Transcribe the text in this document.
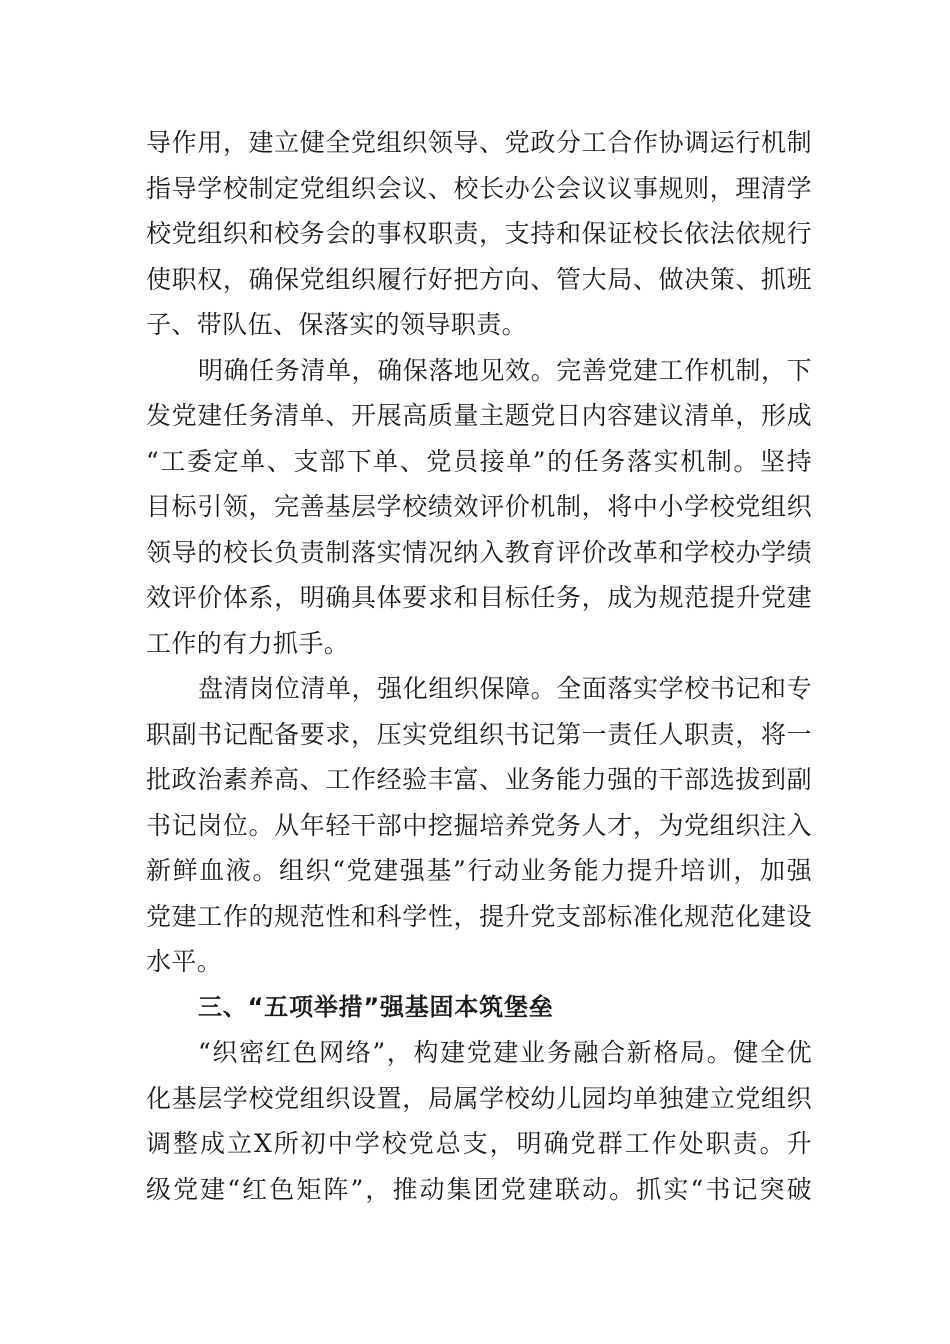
导作用，建立健全党组织领导、党政分工合作协调运行机制
指导学校制定党组织会议、校长办公会议议事规则，理清学
校党组织和校务会的事权职责，支持和保证校长依法依规行
使职权，确保党组织履行好把方向、管大局、做决策、抓班
子、带队伍、保落实的领导职责。
明确任务清单，确保落地见效。完善党建工作机制，下
发党建任务清单、开展高质量主题党日内容建议清单，形成
“工委定单、支部下单、党员接单”的任务落实机制。坚持
目标引领，完善基层学校绩效评价机制，将中小学校党组织
领导的校长负责制落实情况纳入教育评价改革和学校办学绩
效评价体系，明确具体要求和目标任务，成为规范提升党建
工作的有力抓手。
盘清岗位清单，强化组织保障。全面落实学校书记和专
职副书记配备要求，压实党组织书记第一责任人职责，将一
批政治素养高、工作经验丰富、业务能力强的干部选拔到副
书记岗位。从年轻干部中挖掘培养党务人才，为党组织注入
新鲜血液。组织“党建强基”行动业务能力提升培训，加强
党建工作的规范性和科学性，提升党支部标准化规范化建设
水平。
三、“五项举措”强基固本筑堡垒
“织密红色网络”，构建党建业务融合新格局。健全优
化基层学校党组织设置，局属学校幼儿园均单独建立党组织
调整成立X所初中学校党总支，明确党群工作处职责。升
级党建“红色矩阵”，推动集团党建联动。抓实“书记突破
